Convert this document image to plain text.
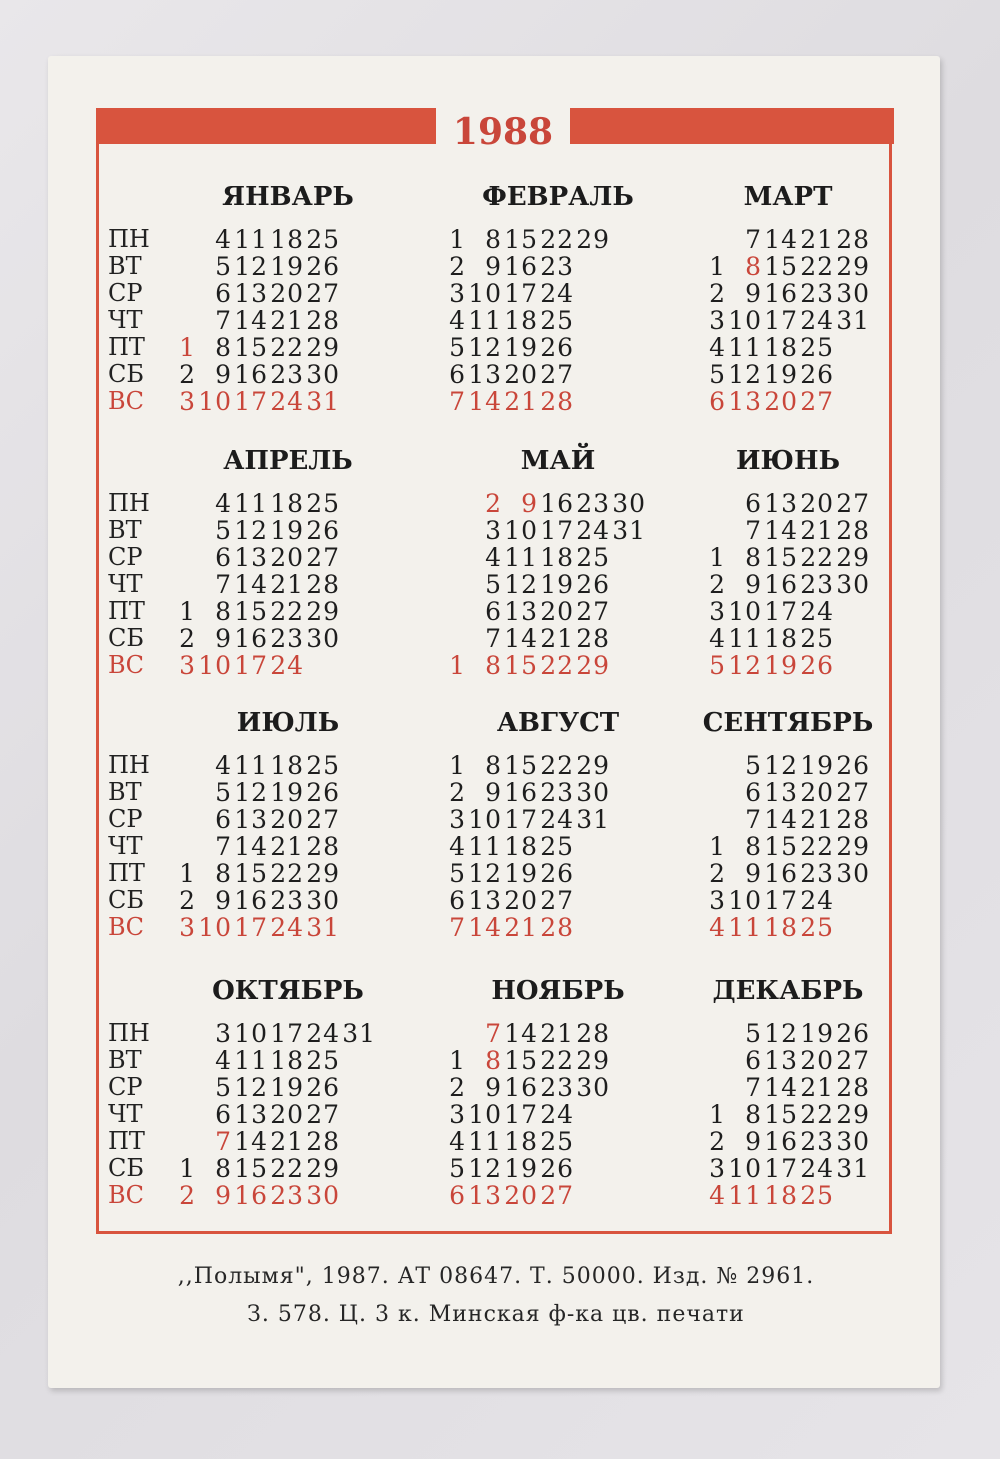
1988
ЯНВАРЬ
ПН
ВТ
СР
ЧТ
ПТ
СБ
ВС
1
2
3
4
5
6
7
8
9
10
11
12
13
14
15
16
17
18
19
20
21
22
23
24
25
26
27
28
29
30
31
ФЕВРАЛЬ
1
2
3
4
5
6
7
8
9
10
11
12
13
14
15
16
17
18
19
20
21
22
23
24
25
26
27
28
29
МАРТ
1
2
3
4
5
6
7
8
9
10
11
12
13
14
15
16
17
18
19
20
21
22
23
24
25
26
27
28
29
30
31
АПРЕЛЬ
ПН
ВТ
СР
ЧТ
ПТ
СБ
ВС
1
2
3
4
5
6
7
8
9
10
11
12
13
14
15
16
17
18
19
20
21
22
23
24
25
26
27
28
29
30
МАЙ
1
2
3
4
5
6
7
8
9
10
11
12
13
14
15
16
17
18
19
20
21
22
23
24
25
26
27
28
29
30
31
ИЮНЬ
1
2
3
4
5
6
7
8
9
10
11
12
13
14
15
16
17
18
19
20
21
22
23
24
25
26
27
28
29
30
ИЮЛЬ
ПН
ВТ
СР
ЧТ
ПТ
СБ
ВС
1
2
3
4
5
6
7
8
9
10
11
12
13
14
15
16
17
18
19
20
21
22
23
24
25
26
27
28
29
30
31
АВГУСТ
1
2
3
4
5
6
7
8
9
10
11
12
13
14
15
16
17
18
19
20
21
22
23
24
25
26
27
28
29
30
31
СЕНТЯБРЬ
1
2
3
4
5
6
7
8
9
10
11
12
13
14
15
16
17
18
19
20
21
22
23
24
25
26
27
28
29
30
ОКТЯБРЬ
ПН
ВТ
СР
ЧТ
ПТ
СБ
ВС
1
2
3
4
5
6
7
8
9
10
11
12
13
14
15
16
17
18
19
20
21
22
23
24
25
26
27
28
29
30
31
НОЯБРЬ
1
2
3
4
5
6
7
8
9
10
11
12
13
14
15
16
17
18
19
20
21
22
23
24
25
26
27
28
29
30
ДЕКАБРЬ
1
2
3
4
5
6
7
8
9
10
11
12
13
14
15
16
17
18
19
20
21
22
23
24
25
26
27
28
29
30
31
,,Полымя", 1987. АТ 08647. Т. 50000. Изд. № 2961.
З. 578. Ц. 3 к. Минская ф-ка цв. печати
